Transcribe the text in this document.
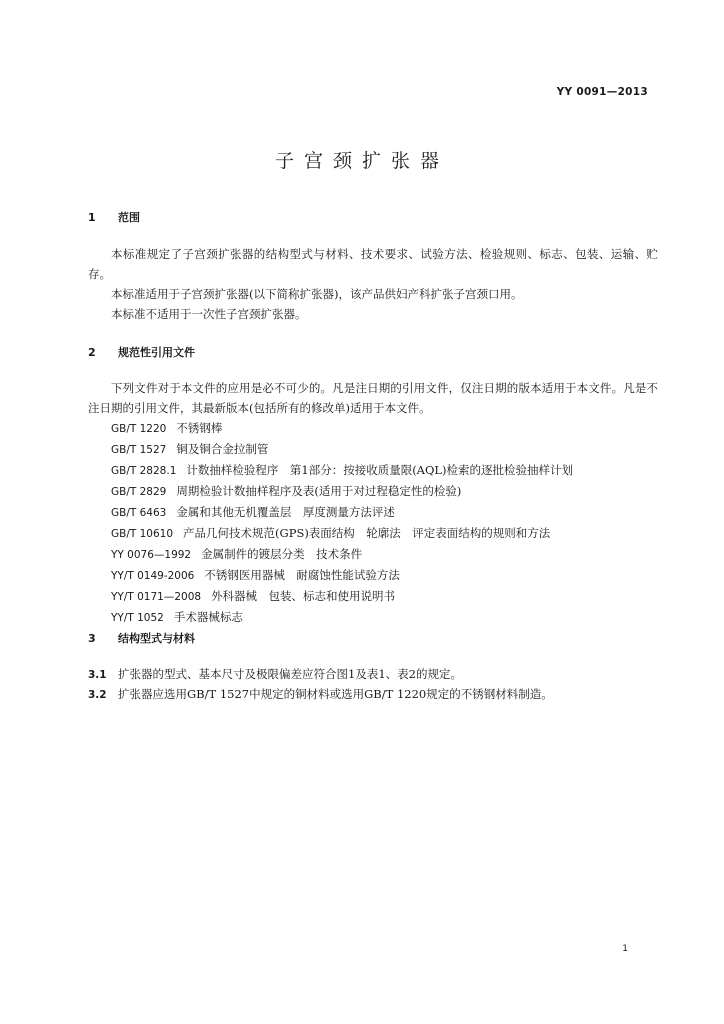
YY 0091—2013
子宫颈扩张器
1 范围
本标准规定了子宫颈扩张器的结构型式与材料、技术要求、试验方法、检验规则、标志、包装、运输、贮存。
本标准适用于子宫颈扩张器(以下简称扩张器)，该产品供妇产科扩张子宫颈口用。
本标准不适用于一次性子宫颈扩张器。
2 规范性引用文件
下列文件对于本文件的应用是必不可少的。凡是注日期的引用文件，仅注日期的版本适用于本文件。凡是不注日期的引用文件，其最新版本(包括所有的修改单)适用于本文件。
GB/T 1220 不锈钢棒
GB/T 1527 铜及铜合金拉制管
GB/T 2828.1 计数抽样检验程序　第1部分：按接收质量限(AQL)检索的逐批检验抽样计划
GB/T 2829 周期检验计数抽样程序及表(适用于对过程稳定性的检验)
GB/T 6463 金属和其他无机覆盖层　厚度测量方法评述
GB/T 10610 产品几何技术规范(GPS)表面结构　轮廓法　评定表面结构的规则和方法
YY 0076—1992 金属制件的镀层分类　技术条件
YY/T 0149-2006 不锈钢医用器械　耐腐蚀性能试验方法
YY/T 0171—2008 外科器械　包装、标志和使用说明书
YY/T 1052 手术器械标志
3 结构型式与材料
3.1 扩张器的型式、基本尺寸及极限偏差应符合图1及表1、表2的规定。
3.2 扩张器应选用GB/T 1527中规定的铜材料或选用GB/T 1220规定的不锈钢材料制造。
1
